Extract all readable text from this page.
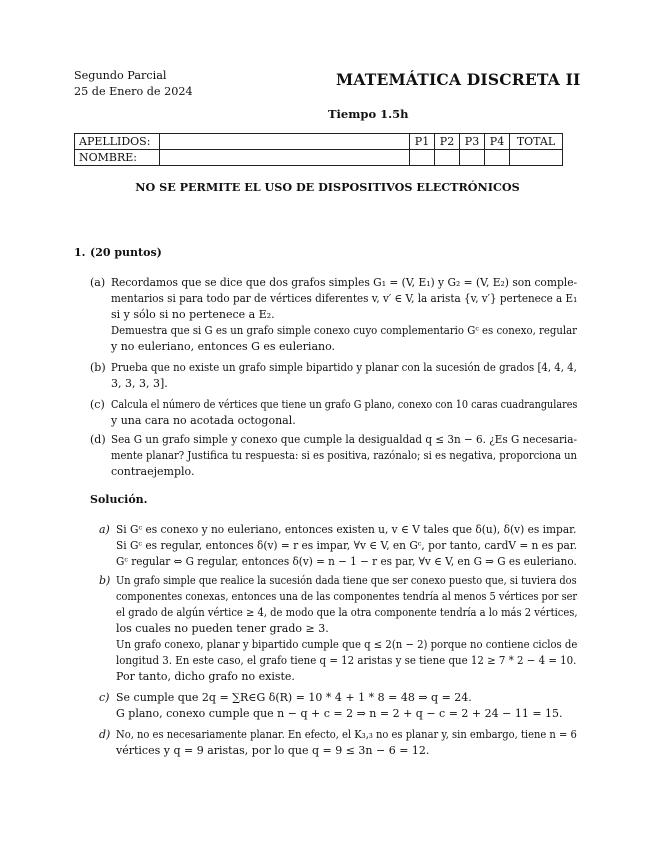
Segundo Parcial
25 de Enero de 2024
MATEMÁTICA DISCRETA II
Tiempo 1.5h
APELLIDOS:		P1	P2	P3	P4	TOTAL
NOMBRE:						
NO SE PERMITE EL USO DE DISPOSITIVOS ELECTRÓNICOS
1. (20 puntos)
(a) Recordamos que se dice que dos grafos simples G₁ = (V, E₁) y G₂ = (V, E₂) son comple-
mentarios si para todo par de vértices diferentes v, v′ ∈ V, la arista {v, v′} pertenece a E₁
si y sólo si no pertenece a E₂.
Demuestra que si G es un grafo simple conexo cuyo complementario Gᶜ es conexo, regular
y no euleriano, entonces G es euleriano.
(b) Prueba que no existe un grafo simple bipartido y planar con la sucesión de grados [4, 4, 4,
3, 3, 3, 3].
(c) Calcula el número de vértices que tiene un grafo G plano, conexo con 10 caras cuadrangulares
y una cara no acotada octogonal.
(d) Sea G un grafo simple y conexo que cumple la desigualdad q ≤ 3n − 6. ¿Es G necesaria-
mente planar? Justifica tu respuesta: si es positiva, razónalo; si es negativa, proporciona un
contraejemplo.
Solución.
a) Si Gᶜ es conexo y no euleriano, entonces existen u, v ∈ V tales que δ(u), δ(v) es impar.
Si Gᶜ es regular, entonces δ(v) = r es impar, ∀v ∈ V, en Gᶜ, por tanto, cardV = n es par.
Gᶜ regular ⇔ G regular, entonces δ(v) = n − 1 − r es par, ∀v ∈ V, en G ⇒ G es euleriano.
b) Un grafo simple que realice la sucesión dada tiene que ser conexo puesto que, si tuviera dos
componentes conexas, entonces una de las componentes tendría al menos 5 vértices por ser
el grado de algún vértice ≥ 4, de modo que la otra componente tendría a lo más 2 vértices,
los cuales no pueden tener grado ≥ 3.
Un grafo conexo, planar y bipartido cumple que q ≤ 2(n − 2) porque no contiene ciclos de
longitud 3. En este caso, el grafo tiene q = 12 aristas y se tiene que 12 ≥ 7 * 2 − 4 = 10.
Por tanto, dicho grafo no existe.
c) Se cumple que 2q = ∑R∈G δ(R) = 10 * 4 + 1 * 8 = 48 ⇒ q = 24.
G plano, conexo cumple que n − q + c = 2 ⇒ n = 2 + q − c = 2 + 24 − 11 = 15.
d) No, no es necesariamente planar. En efecto, el K₃,₃ no es planar y, sin embargo, tiene n = 6
vértices y q = 9 aristas, por lo que q = 9 ≤ 3n − 6 = 12.
